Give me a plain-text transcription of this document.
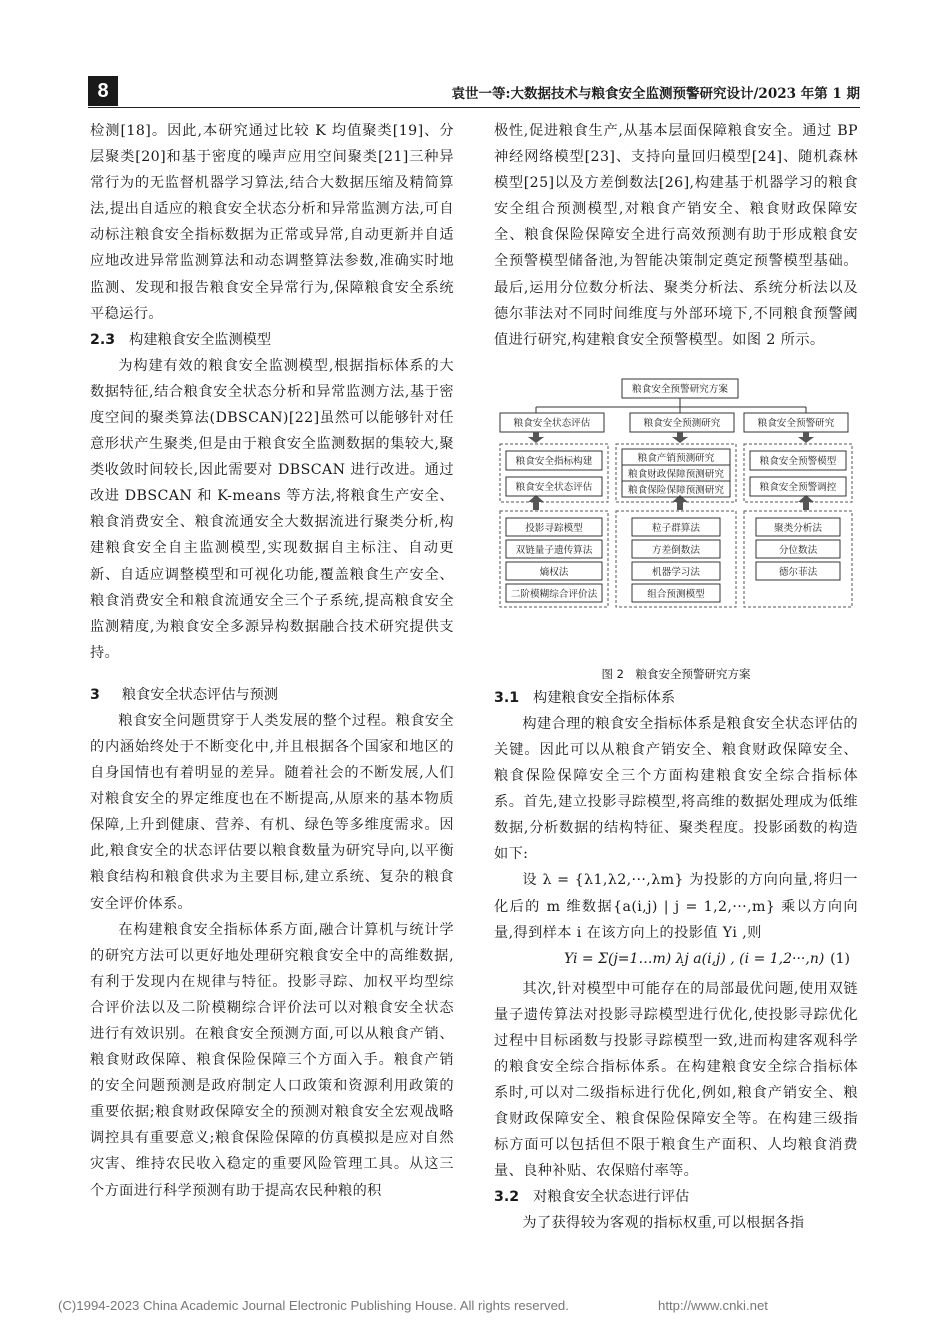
8	袁世一等:大数据技术与粮食安全监测预警研究设计/2023 年第 1 期

检测[18]。因此,本研究通过比较 K 均值聚类[19]、分层聚类[20]和基于密度的噪声应用空间聚类[21]三种异常行为的无监督机器学习算法,结合大数据压缩及精简算法,提出自适应的粮食安全状态分析和异常监测方法,可自动标注粮食安全指标数据为正常或异常,自动更新并自适应地改进异常监测算法和动态调整算法参数,准确实时地监测、发现和报告粮食安全异常行为,保障粮食安全系统平稳运行。

2.3 构建粮食安全监测模型

为构建有效的粮食安全监测模型,根据指标体系的大数据特征,结合粮食安全状态分析和异常监测方法,基于密度空间的聚类算法(DBSCAN)[22]虽然可以能够针对任意形状产生聚类,但是由于粮食安全监测数据的集较大,聚类收敛时间较长,因此需要对 DBSCAN 进行改进。通过改进 DBSCAN 和 K-means 等方法,将粮食生产安全、粮食消费安全、粮食流通安全大数据流进行聚类分析,构建粮食安全自主监测模型,实现数据自主标注、自动更新、自适应调整模型和可视化功能,覆盖粮食生产安全、粮食消费安全和粮食流通安全三个子系统,提高粮食安全监测精度,为粮食安全多源异构数据融合技术研究提供支持。

3 粮食安全状态评估与预测

粮食安全问题贯穿于人类发展的整个过程。粮食安全的内涵始终处于不断变化中,并且根据各个国家和地区的自身国情也有着明显的差异。随着社会的不断发展,人们对粮食安全的界定维度也在不断提高,从原来的基本物质保障,上升到健康、营养、有机、绿色等多维度需求。因此,粮食安全的状态评估要以粮食数量为研究导向,以平衡粮食结构和粮食供求为主要目标,建立系统、复杂的粮食安全评价体系。

在构建粮食安全指标体系方面,融合计算机与统计学的研究方法可以更好地处理研究粮食安全中的高维数据,有利于发现内在规律与特征。投影寻踪、加权平均型综合评价法以及二阶模糊综合评价法可以对粮食安全状态进行有效识别。在粮食安全预测方面,可以从粮食产销、粮食财政保障、粮食保险保障三个方面入手。粮食产销的安全问题预测是政府制定人口政策和资源利用政策的重要依据;粮食财政保障安全的预测对粮食安全宏观战略调控具有重要意义;粮食保险保障的仿真模拟是应对自然灾害、维持农民收入稳定的重要风险管理工具。从这三个方面进行科学预测有助于提高农民种粮的积

极性,促进粮食生产,从基本层面保障粮食安全。通过 BP 神经网络模型[23]、支持向量回归模型[24]、随机森林模型[25]以及方差倒数法[26],构建基于机器学习的粮食安全组合预测模型,对粮食产销安全、粮食财政保障安全、粮食保险保障安全进行高效预测有助于形成粮食安全预警模型储备池,为智能决策制定奠定预警模型基础。最后,运用分位数分析法、聚类分析法、系统分析法以及德尔菲法对不同时间维度与外部环境下,不同粮食预警阈值进行研究,构建粮食安全预警模型。如图 2 所示。

粮食安全预警研究方案
粮食安全状态评估	粮食安全预测研究	粮食安全预警研究
粮食安全指标构建
粮食安全状态评估
粮食产销预测研究
粮食财政保障预测研究
粮食保险保障预测研究
粮食安全预警模型
粮食安全预警调控
投影寻踪模型
双链量子遗传算法
熵权法
二阶模糊综合评价法
粒子群算法
方差倒数法
机器学习法
组合预测模型
聚类分析法
分位数法
德尔菲法
图 2　粮食安全预警研究方案
3.1 构建粮食安全指标体系

构建合理的粮食安全指标体系是粮食安全状态评估的关键。因此可以从粮食产销安全、粮食财政保障安全、粮食保险保障安全三个方面构建粮食安全综合指标体系。首先,建立投影寻踪模型,将高维的数据处理成为低维数据,分析数据的结构特征、聚类程度。投影函数的构造如下:

设 λ = {λ1,λ2,···,λm} 为投影的方向向量,将归一化后的 m 维数据{a(i,j) | j = 1,2,···,m} 乘以方向向量,得到样本 i 在该方向上的投影值 Yi ,则

Yi = Σ(j=1…m) λj a(i,j) , (i = 1,2···,n) (1)

其次,针对模型中可能存在的局部最优问题,使用双链量子遗传算法对投影寻踪模型进行优化,使投影寻踪优化过程中目标函数与投影寻踪模型一致,进而构建客观科学的粮食安全综合指标体系。在构建粮食安全综合指标体系时,可以对二级指标进行优化,例如,粮食产销安全、粮食财政保障安全、粮食保险保障安全等。在构建三级指标方面可以包括但不限于粮食生产面积、人均粮食消费量、良种补贴、农保赔付率等。

3.2 对粮食安全状态进行评估

为了获得较为客观的指标权重,可以根据各指

(C)1994-2023 China Academic Journal Electronic Publishing House. All rights reserved.	http://www.cnki.net
